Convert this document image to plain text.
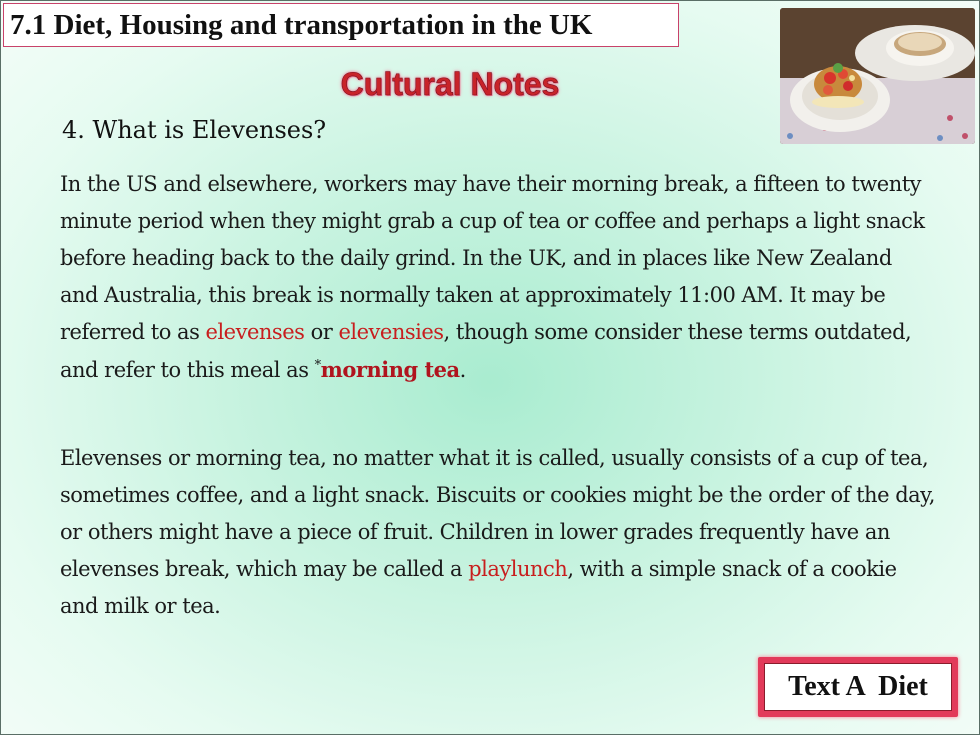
7.1 Diet, Housing and transportation in the UK
Cultural Notes
4. What is Elevenses?
In the US and elsewhere, workers may have their morning break, a fifteen to twenty minute period when they might grab a cup of tea or coffee and perhaps a light snack before heading back to the daily grind. In the UK, and in places like New Zealand and Australia, this break is normally taken at approximately 11:00 AM. It may be referred to as elevenses or elevensies, though some consider these terms outdated, and refer to this meal as *morning tea.
Elevenses or morning tea, no matter what it is called, usually consists of a cup of tea, sometimes coffee, and a light snack. Biscuits or cookies might be the order of the day, or others might have a piece of fruit. Children in lower grades frequently have an elevenses break, which may be called a playlunch, with a simple snack of a cookie and milk or tea.
Text A  Diet
